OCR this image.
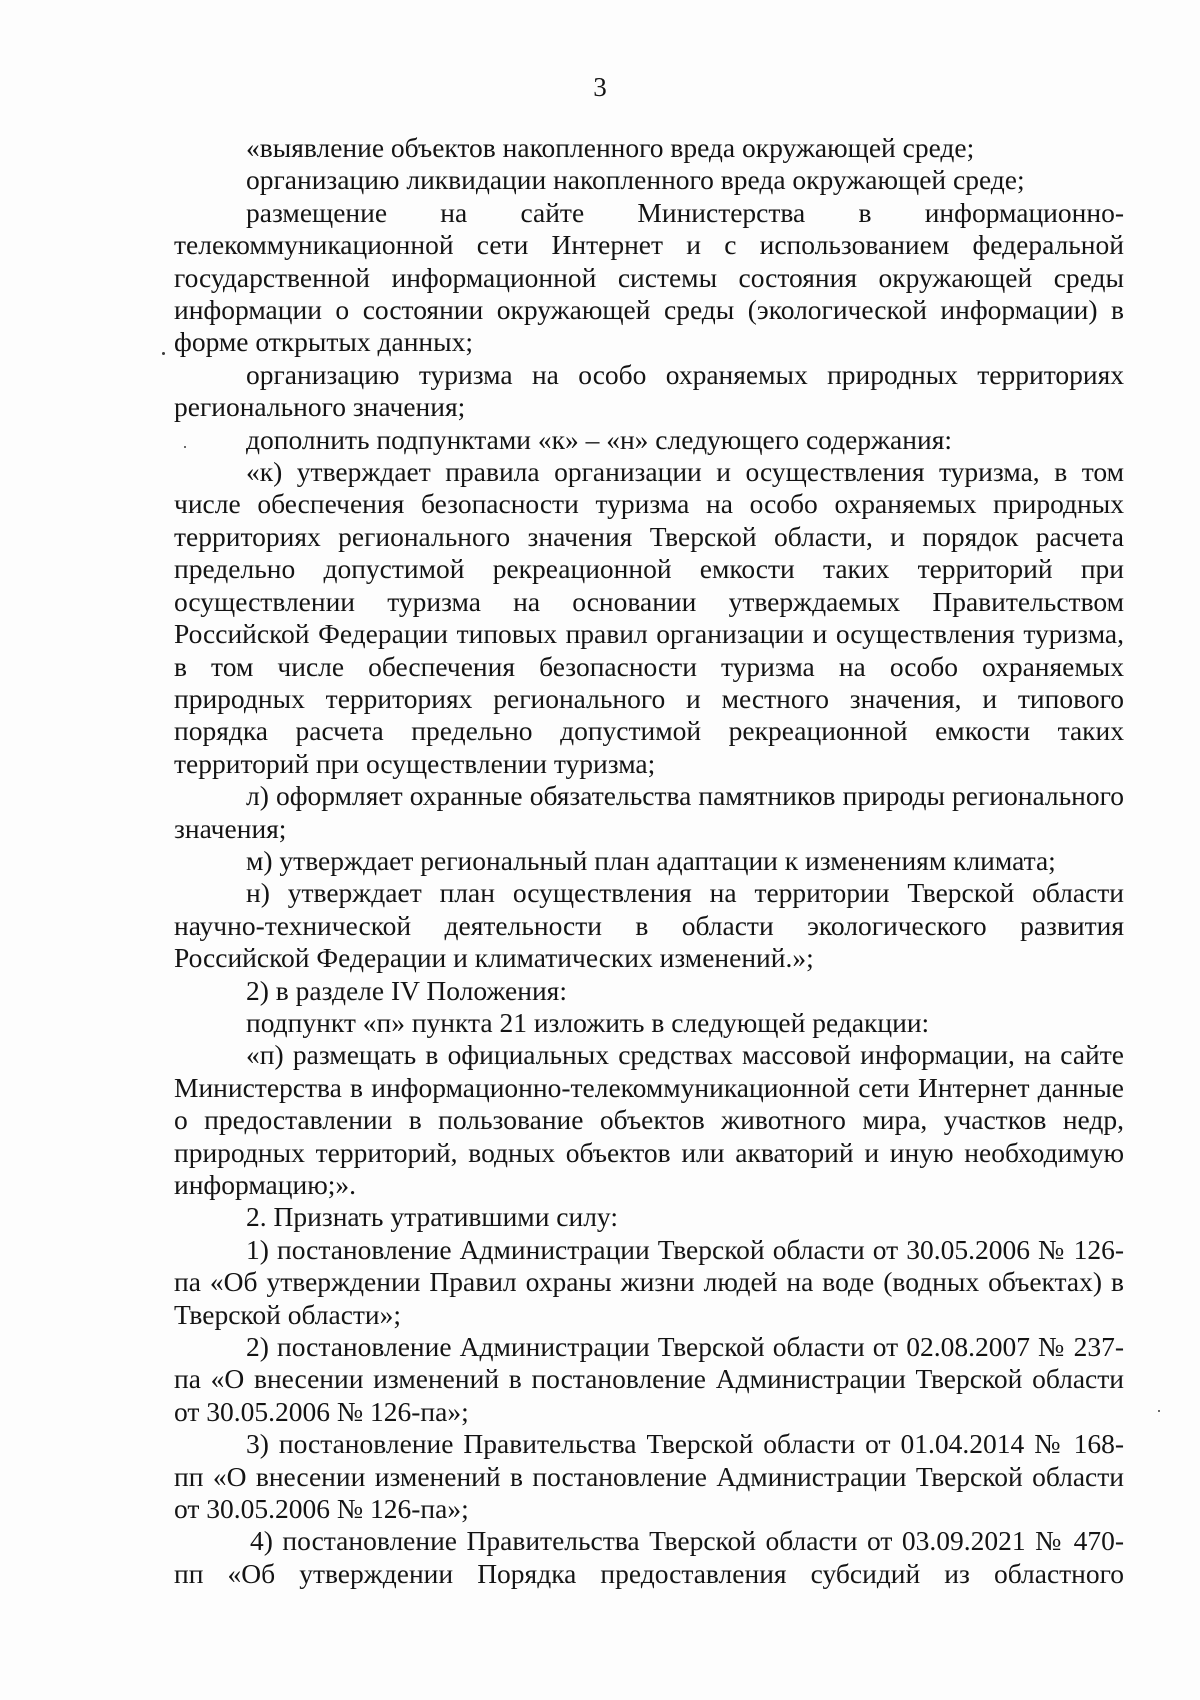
3

«выявление объектов накопленного вреда окружающей среде;

организацию ликвидации накопленного вреда окружающей среде;

размещение на сайте Министерства в информационно-телекоммуникационной сети Интернет и с использованием федеральной государственной информационной системы состояния окружающей среды информации о состоянии окружающей среды (экологической информации) в форме открытых данных;

организацию туризма на особо охраняемых природных территориях регионального значения;

дополнить подпунктами «к» – «н» следующего содержания:

«к) утверждает правила организации и осуществления туризма, в том числе обеспечения безопасности туризма на особо охраняемых природных территориях регионального значения Тверской области, и порядок расчета предельно допустимой рекреационной емкости таких территорий при осуществлении туризма на основании утверждаемых Правительством Российской Федерации типовых правил организации и осуществления туризма, в том числе обеспечения безопасности туризма на особо охраняемых природных территориях регионального и местного значения, и типового порядка расчета предельно допустимой рекреационной емкости таких территорий при осуществлении туризма;

л) оформляет охранные обязательства памятников природы регионального значения;

м) утверждает региональный план адаптации к изменениям климата;

н) утверждает план осуществления на территории Тверской области научно-технической деятельности в области экологического развития Российской Федерации и климатических изменений.»;

2) в разделе IV Положения:

подпункт «п» пункта 21 изложить в следующей редакции:

«п) размещать в официальных средствах массовой информации, на сайте Министерства в информационно-телекоммуникационной сети Интернет данные о предоставлении в пользование объектов животного мира, участков недр, природных территорий, водных объектов или акваторий и иную необходимую информацию;».

2. Признать утратившими силу:

1) постановление Администрации Тверской области от 30.05.2006 № 126-па «Об утверждении Правил охраны жизни людей на воде (водных объектах) в Тверской области»;

2) постановление Администрации Тверской области от 02.08.2007 № 237-па «О внесении изменений в постановление Администрации Тверской области от 30.05.2006 № 126-па»;

3) постановление Правительства Тверской области от 01.04.2014 № 168-пп «О внесении изменений в постановление Администрации Тверской области от 30.05.2006 № 126-па»;

4) постановление Правительства Тверской области от 03.09.2021 № 470-пп «Об утверждении Порядка предоставления субсидий из областного
